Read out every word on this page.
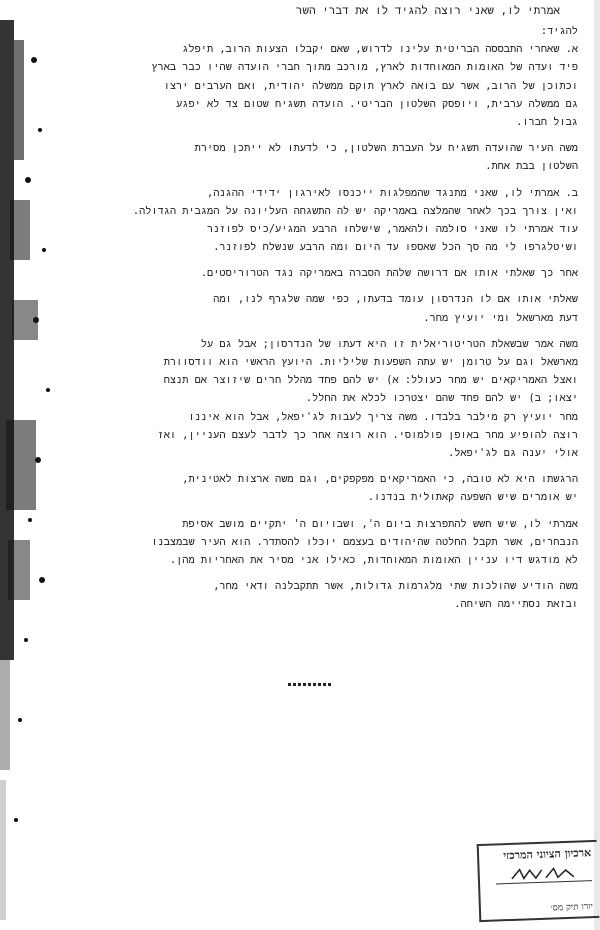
אמרתי לו, שאני רוצה להגיד לו את דברי השר
להגיד:
א. שאחרי התבססה הבריטית עלינו לדרוש, שאם יקבלו הצעות הרוב, תיפלג
פיד ועדה של האומות המאוחדות לארץ, מורכב מתוך חברי הועדה שהיו כבר בארץ
וכתוכן של הרוב, אשר עם בואה לארץ תוקם ממשלה יהודית, ואם הערבים ירצו
גם ממשלה ערבית, ויופסק השלטון הבריטי. הועדה תשגיח שטום צד לא יפגע
גבול חברו.
משה העיר שהועדה תשגיח על העברת השלטון, כי לדעתו לא ייתכן מסירת
השלטון בבת אחת.
ב. אמרתי לו, שאני מתנגד שהמפלגות ייכנסו לאירגון ידידי ההגנה,
ואין צורך בכך לאחר שהמלצה באמריקה יש לה התשגחה העליונה על המגבית הגדולה.
עוד אמרתי לו שאני סולמה ולהאמר, שישלחו הרבע המגיע/כיס לפוזנר
ושיטלגרפו לי מה סך הכל שאספו עד היום ומה הרבע שנשלח לפוזנר.
אחר כך שאלתי אותו אם דרושה שלהת הסברה באמריקה נגד הטרוריסטים.
שאלתי אותו אם לו הנדרסון עומד בדעתו, כפי שמה שלגרף לנו, ומה
דעת מארשאל ומי יועיץ מחר.
משה אמר שבשאלת הטריטוריאלית זו היא דעתו של הנדרסון; אבל גם על
מארשאל וגם על טרומן יש עתה השפעות שליליות. היועץ הראשי הוא וודסוורת
ואצל האמריקאים יש מחר כעולל: א) יש להם פחד מהלל חרים שיזוצר אם תנצח
יצאו; ב) יש להם פחד שהם יצטרכו לכלא את החלל.
מחר יועיץ רק מילבר בלבדו. משה צריך לעבות לג'יפאל, אבל הוא איננו
רוצה להופיע מחר באופן פולמוסי. הוא רוצה אחר כך לדבר לעצם העניין, ואז
אולי יענה גם לג'יפאל.
הרגשתו היא לא טובה, כי האמריקאים מפקפקים, וגם משה ארצות לאטינית,
יש אומרים שיש השפעה קאתולית בנדנו.
אמרתי לו, שיש חשש להתפרצות ביום ה', ושבויום ה' יתקיים מושב אסיפת
הנבחרים, אשר תקבל החלטה שהיהודים בעצמם יוכלו להסתדר. הוא העיר שבמצבנו
לא מודגש דיו עניין האומות המאוחדות, כאילו אני מסיר את האחריות מהן.
משה הודיע שהולכות שתי מלגרמות גדולות, אשר תתקבלנה ודאי מחר,
ובזאת נסתיימה השיחה.
ארכיון הציוני המרכזי
יורו תיק מס׳
